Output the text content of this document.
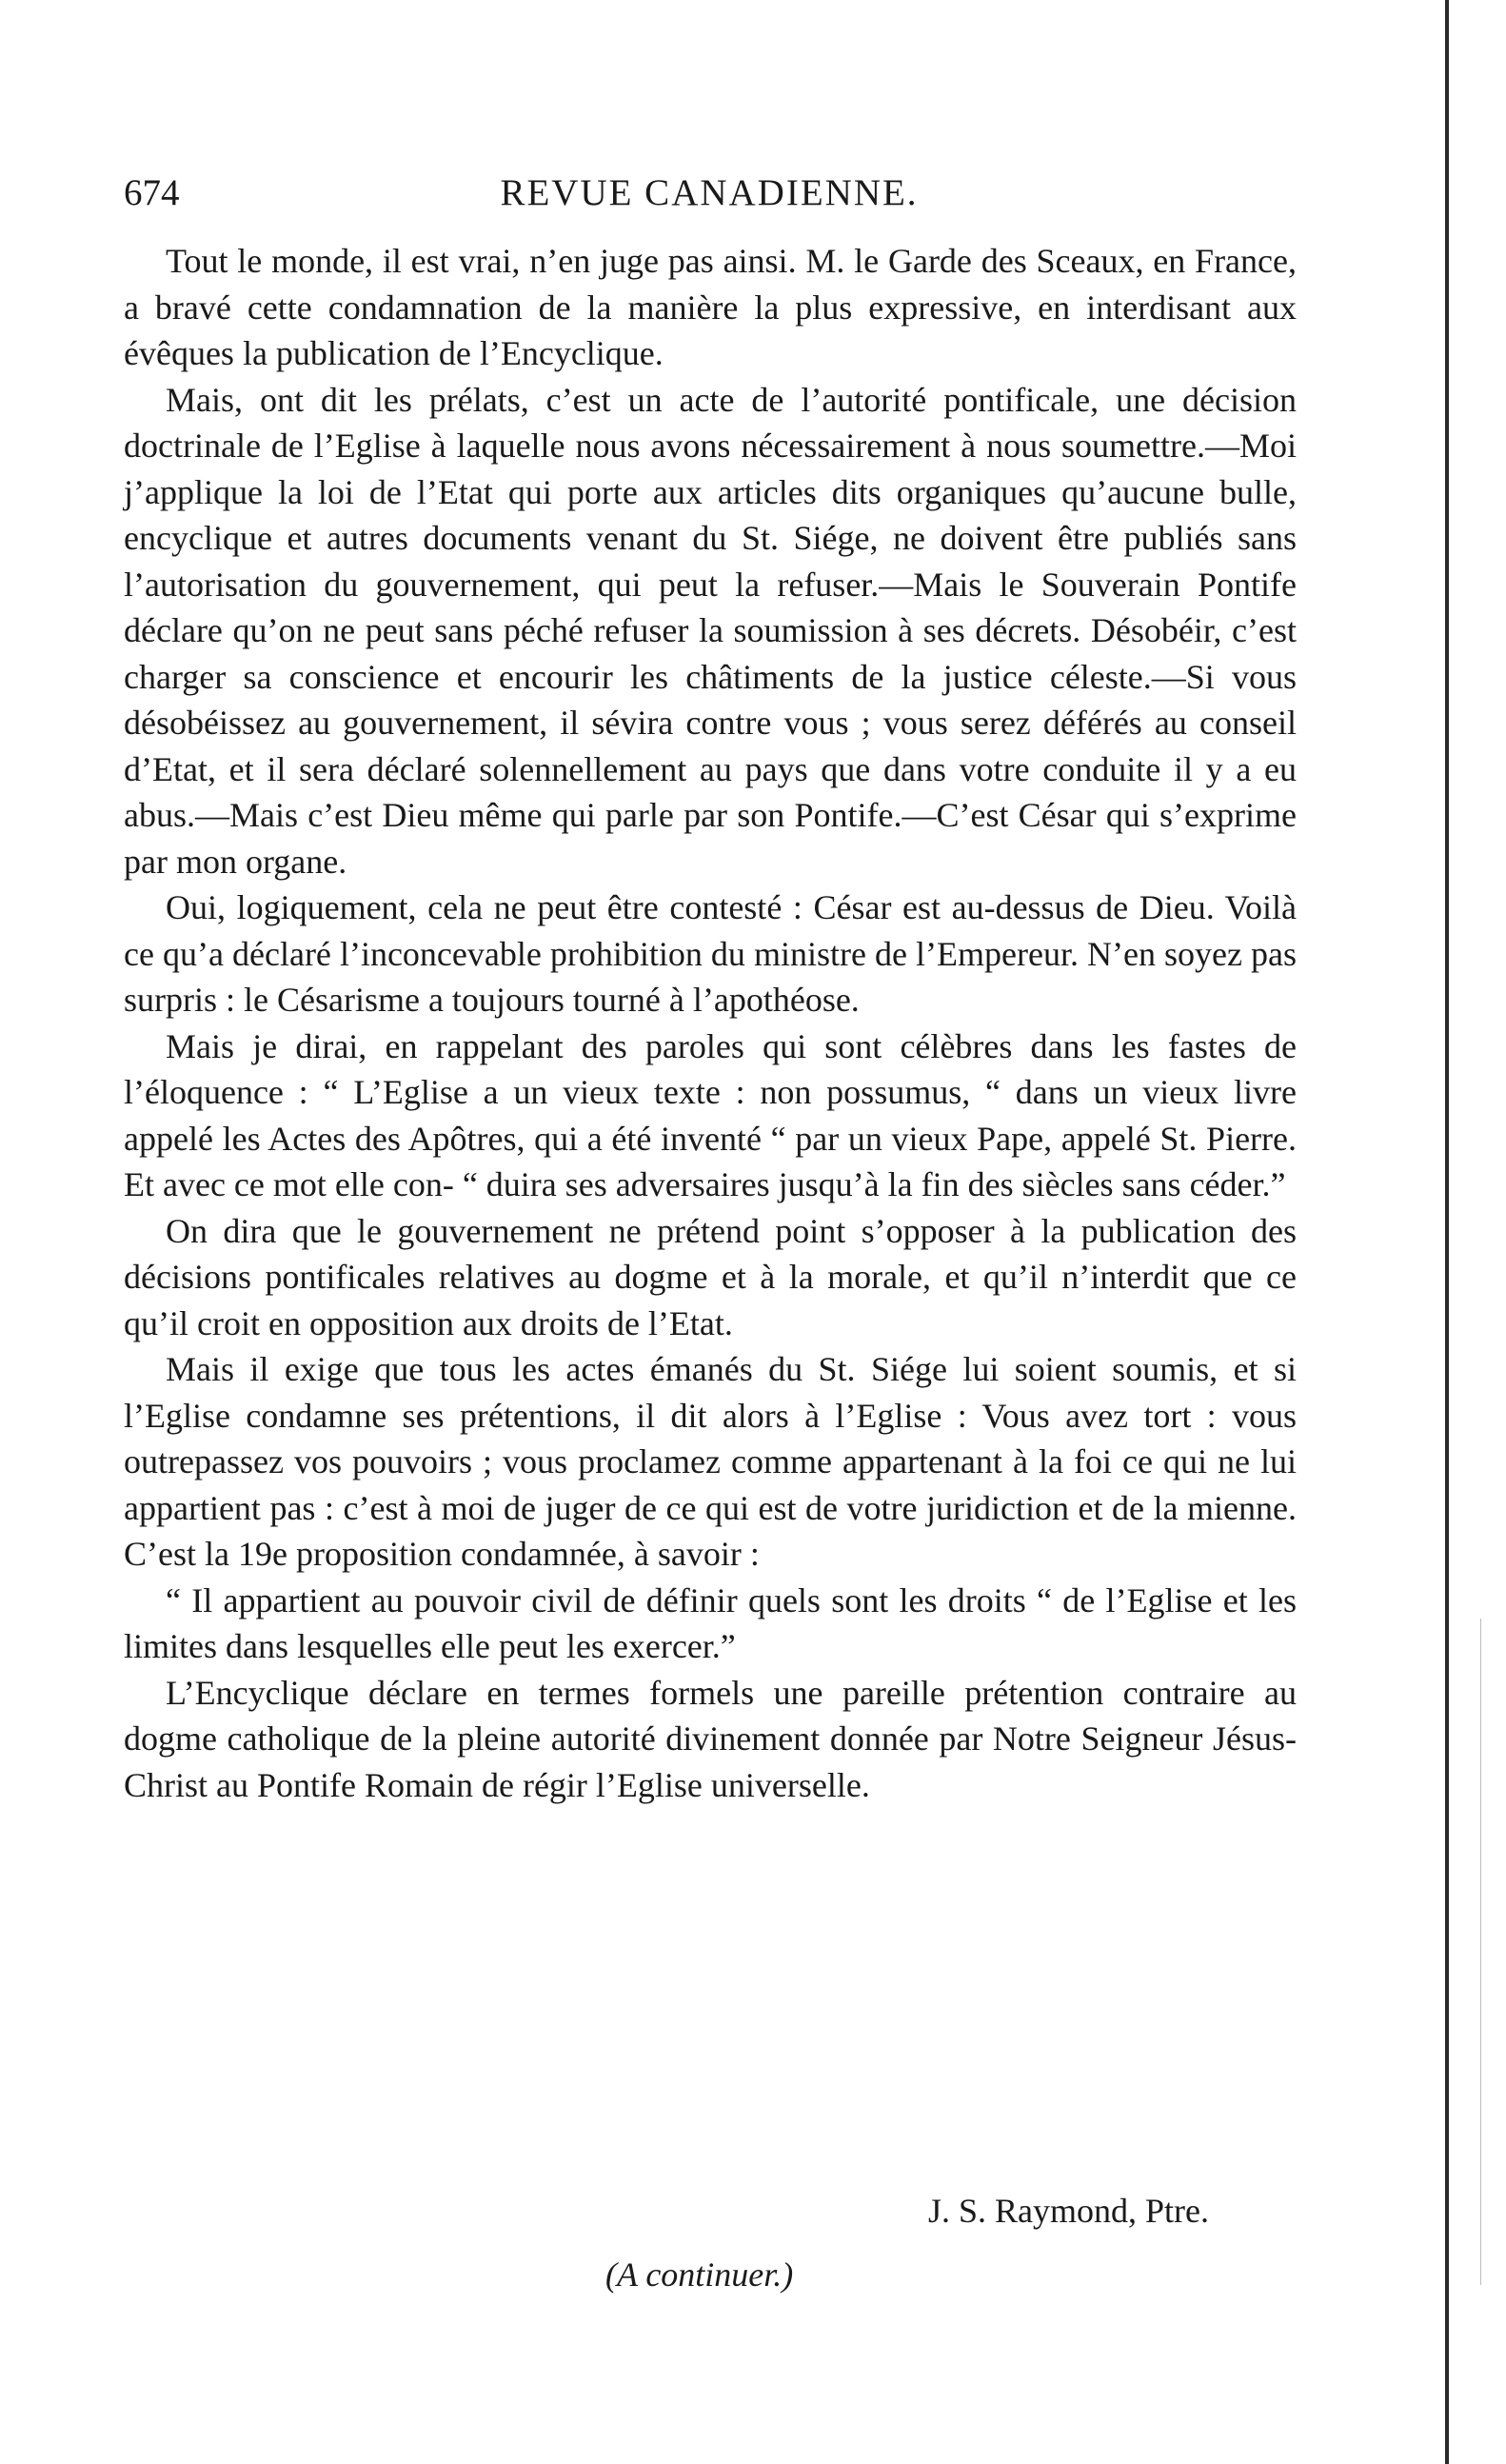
674	REVUE CANADIENNE.

Tout le monde, il est vrai, n’en juge pas ainsi. M. le Garde des Sceaux, en France, a bravé cette condamnation de la manière la plus expressive, en interdisant aux évêques la publication de l’Encyclique.

Mais, ont dit les prélats, c’est un acte de l’autorité pontificale, une décision doctrinale de l’Eglise à laquelle nous avons nécessairement à nous soumettre.—Moi j’applique la loi de l’Etat qui porte aux articles dits organiques qu’aucune bulle, encyclique et autres documents venant du St. Siége, ne doivent être publiés sans l’autorisation du gouvernement, qui peut la refuser.—Mais le Souverain Pontife déclare qu’on ne peut sans péché refuser la soumission à ses décrets. Désobéir, c’est charger sa conscience et encourir les châtiments de la justice céleste.—Si vous désobéissez au gouvernement, il sévira contre vous ; vous serez déférés au conseil d’Etat, et il sera déclaré solennellement au pays que dans votre conduite il y a eu abus.—Mais c’est Dieu même qui parle par son Pontife.—C’est César qui s’exprime par mon organe.

Oui, logiquement, cela ne peut être contesté : César est au-dessus de Dieu. Voilà ce qu’a déclaré l’inconcevable prohibition du ministre de l’Empereur. N’en soyez pas surpris : le Césarisme a toujours tourné à l’apothéose.

Mais je dirai, en rappelant des paroles qui sont célèbres dans les fastes de l’éloquence : “ L’Eglise a un vieux texte : non possumus, “ dans un vieux livre appelé les Actes des Apôtres, qui a été inventé “ par un vieux Pape, appelé St. Pierre. Et avec ce mot elle con- “ duira ses adversaires jusqu’à la fin des siècles sans céder.”

On dira que le gouvernement ne prétend point s’opposer à la publication des décisions pontificales relatives au dogme et à la morale, et qu’il n’interdit que ce qu’il croit en opposition aux droits de l’Etat.

Mais il exige que tous les actes émanés du St. Siége lui soient soumis, et si l’Eglise condamne ses prétentions, il dit alors à l’Eglise : Vous avez tort : vous outrepassez vos pouvoirs ; vous proclamez comme appartenant à la foi ce qui ne lui appartient pas : c’est à moi de juger de ce qui est de votre juridiction et de la mienne. C’est la 19e proposition condamnée, à savoir :

“ Il appartient au pouvoir civil de définir quels sont les droits “ de l’Eglise et les limites dans lesquelles elle peut les exercer.”

L’Encyclique déclare en termes formels une pareille prétention contraire au dogme catholique de la pleine autorité divinement donnée par Notre Seigneur Jésus-Christ au Pontife Romain de régir l’Eglise universelle.

J. S. Raymond, Ptre.
(A continuer.)
